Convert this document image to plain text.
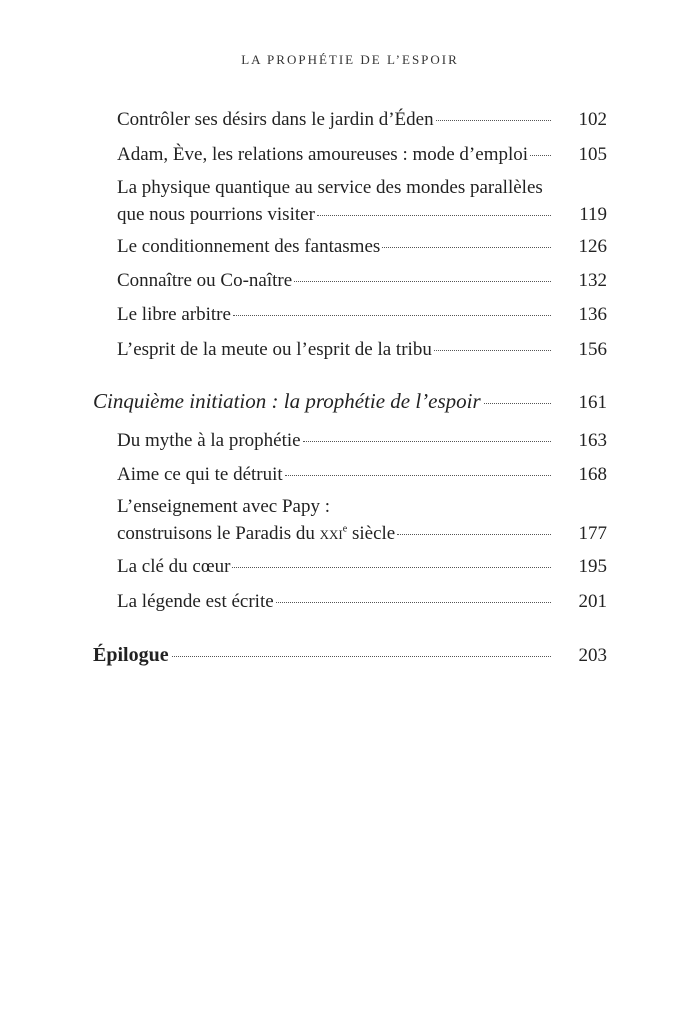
LA PROPHÉTIE DE L’ESPOIR
Contrôler ses désirs dans le jardin d’Éden	102
Adam, Ève, les relations amoureuses : mode d’emploi	105
La physique quantique au service des mondes parallèles
que nous pourrions visiter	119
Le conditionnement des fantasmes	126
Connaître ou Co-naître	132
Le libre arbitre	136
L’esprit de la meute ou l’esprit de la tribu	156
Cinquième initiation : la prophétie de l’espoir	161
Du mythe à la prophétie	163
Aime ce qui te détruit	168
L’enseignement avec Papy :
construisons le Paradis du xxi$^e$ siècle	177
La clé du cœur	195
La légende est écrite	201
Épilogue	203
